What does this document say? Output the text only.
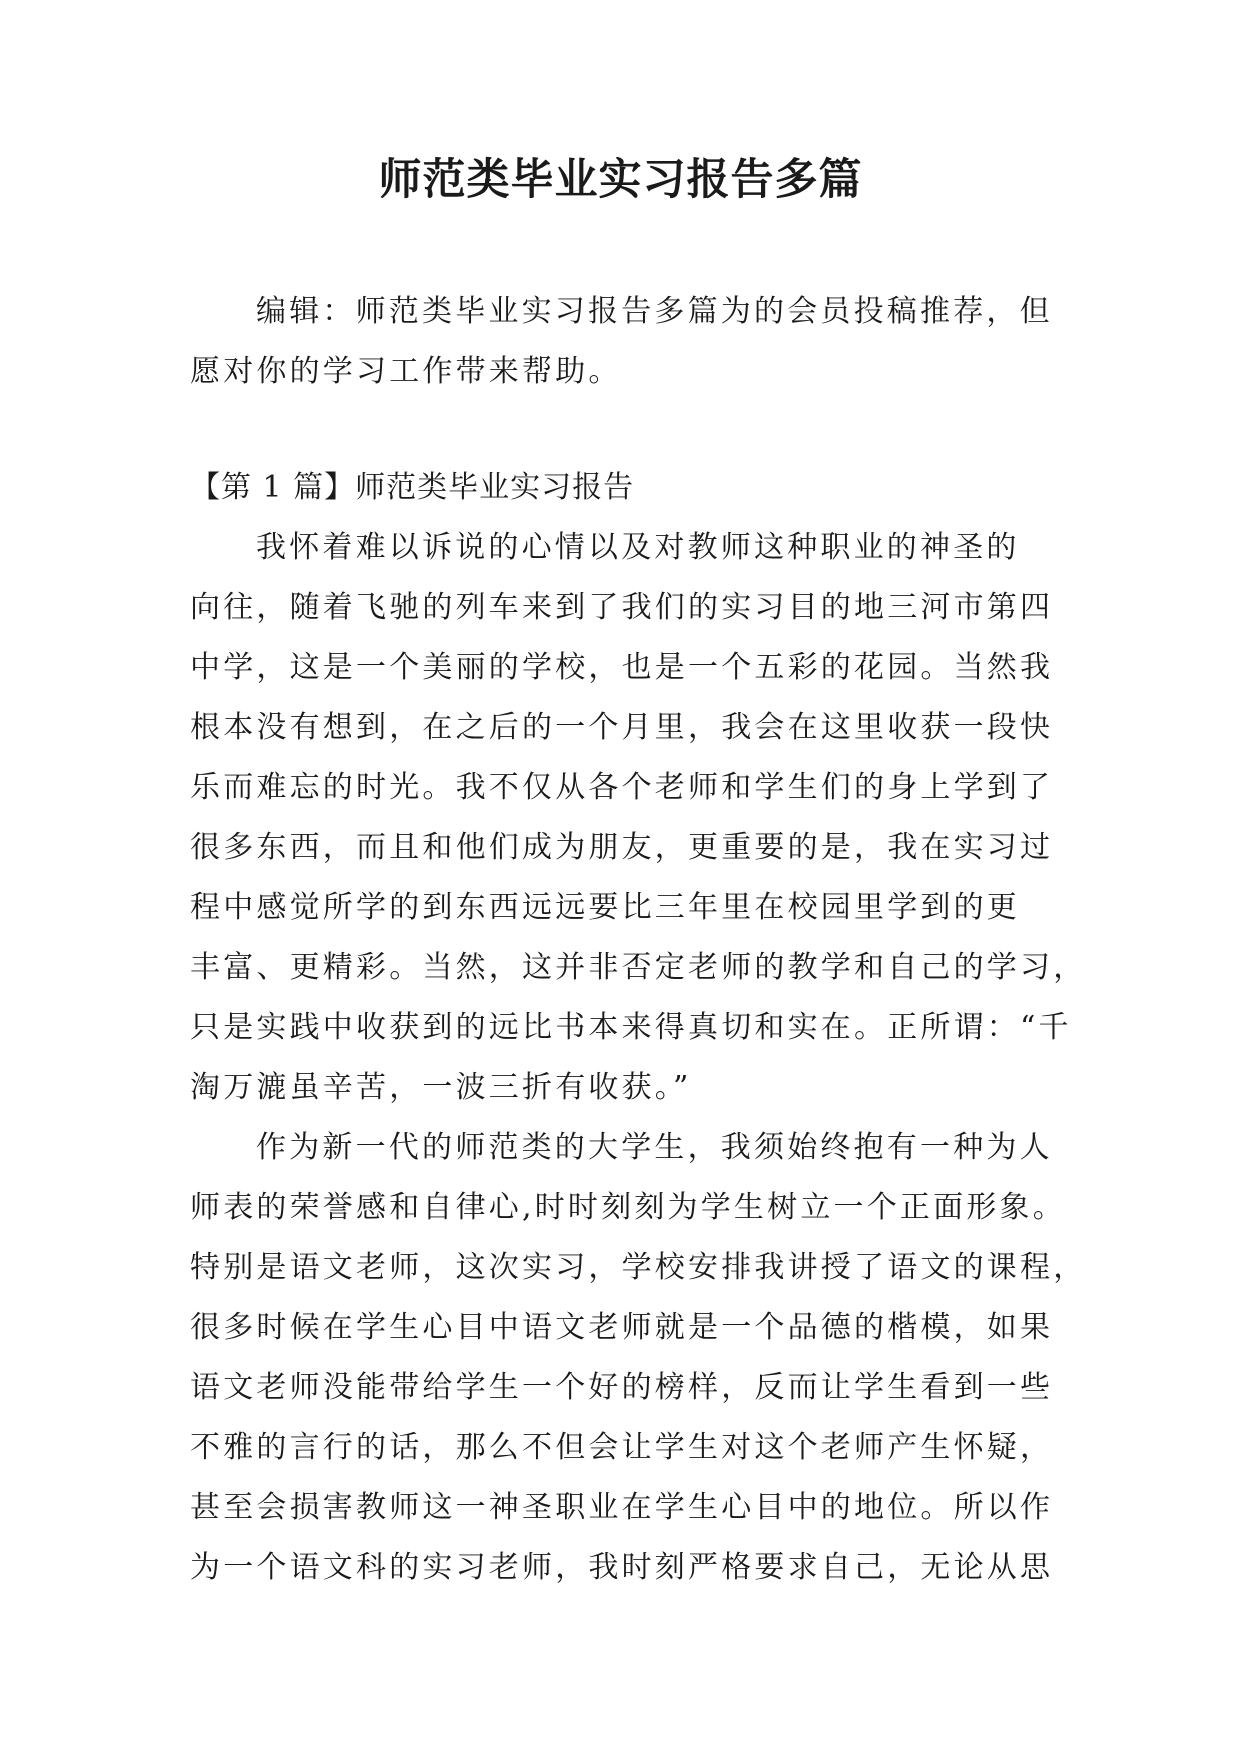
师范类毕业实习报告多篇
编辑：师范类毕业实习报告多篇为的会员投稿推荐，但
愿对你的学习工作带来帮助。
【第 1 篇】师范类毕业实习报告
我怀着难以诉说的心情以及对教师这种职业的神圣的
向往，随着飞驰的列车来到了我们的实习目的地三河市第四
中学，这是一个美丽的学校，也是一个五彩的花园。当然我
根本没有想到，在之后的一个月里，我会在这里收获一段快
乐而难忘的时光。我不仅从各个老师和学生们的身上学到了
很多东西，而且和他们成为朋友，更重要的是，我在实习过
程中感觉所学的到东西远远要比三年里在校园里学到的更
丰富、更精彩。当然，这并非否定老师的教学和自己的学习，
只是实践中收获到的远比书本来得真切和实在。正所谓：“千
淘万漉虽辛苦，一波三折有收获。”
作为新一代的师范类的大学生，我须始终抱有一种为人
师表的荣誉感和自律心,时时刻刻为学生树立一个正面形象。
特别是语文老师，这次实习，学校安排我讲授了语文的课程，
很多时候在学生心目中语文老师就是一个品德的楷模，如果
语文老师没能带给学生一个好的榜样，反而让学生看到一些
不雅的言行的话，那么不但会让学生对这个老师产生怀疑，
甚至会损害教师这一神圣职业在学生心目中的地位。所以作
为一个语文科的实习老师，我时刻严格要求自己，无论从思
